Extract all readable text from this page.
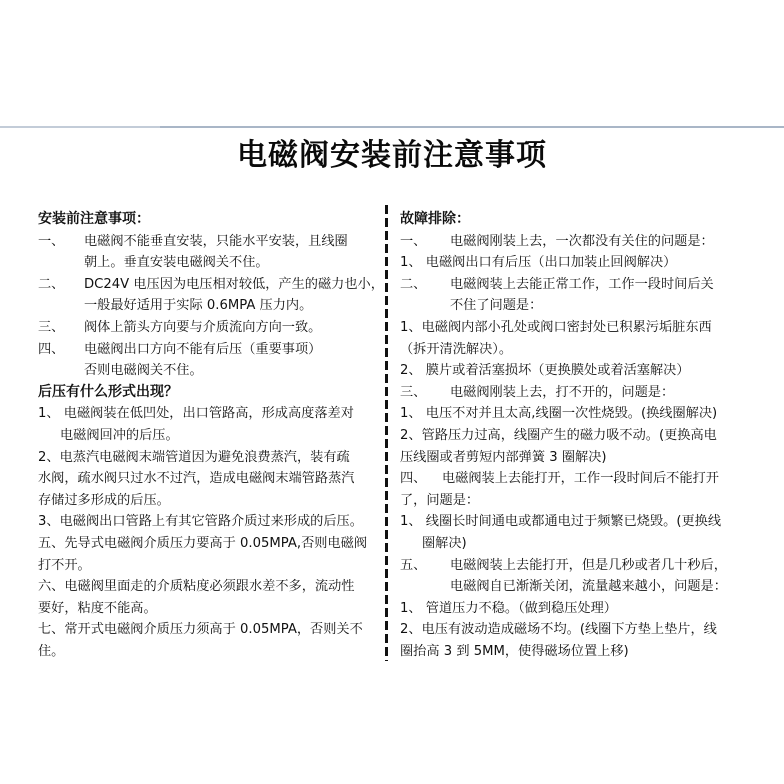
电磁阀安装前注意事项
安装前注意事项：
一、 电磁阀不能垂直安装，只能水平安装，且线圈
朝上。垂直安装电磁阀关不住。
二、 DC24V 电压因为电压相对较低，产生的磁力也小，
一般最好适用于实际 0.6MPA 压力内。
三、 阀体上箭头方向要与介质流向方向一致。
四、 电磁阀出口方向不能有后压（重要事项）
否则电磁阀关不住。
后压有什么形式出现？
1、 电磁阀装在低凹处，出口管路高，形成高度落差对
电磁阀回冲的后压。
2、电蒸汽电磁阀末端管道因为避免浪费蒸汽，装有疏
水阀，疏水阀只过水不过汽，造成电磁阀末端管路蒸汽
存储过多形成的后压。
3、电磁阀出口管路上有其它管路介质过来形成的后压。
五、先导式电磁阀介质压力要高于 0.05MPA,否则电磁阀
打不开。
六、电磁阀里面走的介质粘度必须跟水差不多，流动性
要好，粘度不能高。
七、常开式电磁阀介质压力须高于 0.05MPA，否则关不
住。
故障排除：
一、 电磁阀刚装上去，一次都没有关住的问题是：
1、 电磁阀出口有后压（出口加装止回阀解决）
二、 电磁阀装上去能正常工作，工作一段时间后关
不住了问题是：
1、电磁阀内部小孔处或阀口密封处已积累污垢脏东西
（拆开清洗解决）。
2、 膜片或着活塞损坏（更换膜处或着活塞解决）
三、 电磁阀刚装上去，打不开的，问题是：
1、 电压不对并且太高,线圈一次性烧毁。(换线圈解决)
2、管路压力过高，线圈产生的磁力吸不动。(更换高电
压线圈或者剪短内部弹簧 3 圈解决)
四、 电磁阀装上去能打开，工作一段时间后不能打开
了，问题是：
1、 线圈长时间通电或都通电过于频繁已烧毁。(更换线
圈解决)
五、 电磁阀装上去能打开，但是几秒或者几十秒后，
电磁阀自已渐渐关闭，流量越来越小，问题是：
1、 管道压力不稳。（做到稳压处理）
2、电压有波动造成磁场不均。(线圈下方垫上垫片，线
圈抬高 3 到 5MM，使得磁场位置上移)
